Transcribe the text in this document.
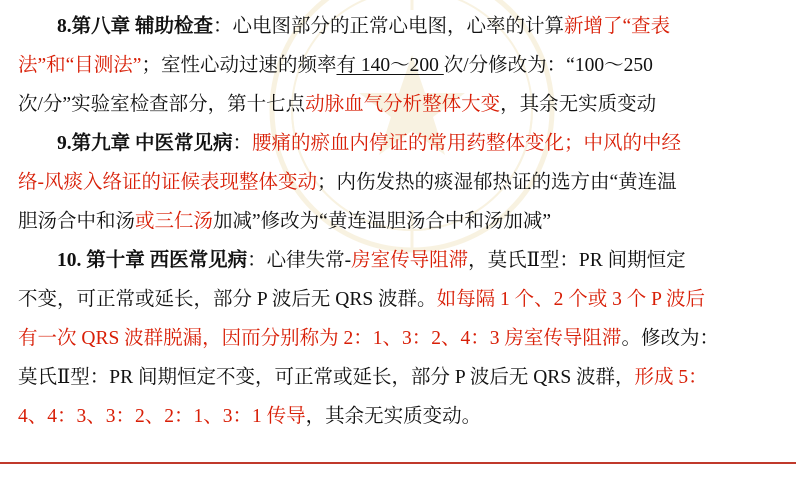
8.第八章 辅助检查：心电图部分的正常心电图，心率的计算新增了“查表

法”和“目测法”；室性心动过速的频率有 140～200 次/分修改为：“100～250

次/分”实验室检查部分，第十七点动脉血气分析整体大变，其余无实质变动

9.第九章 中医常见病：腰痛的瘀血内停证的常用药整体变化；中风的中经

络-风痰入络证的证候表现整体变动；内伤发热的痰湿郁热证的选方由“黄连温

胆汤合中和汤或三仁汤加减”修改为“黄连温胆汤合中和汤加减”

10. 第十章 西医常见病：心律失常-房室传导阻滞，莫氏Ⅱ型：PR 间期恒定

不变，可正常或延长，部分 P 波后无 QRS 波群。如每隔 1 个、2 个或 3 个 P 波后

有一次 QRS 波群脱漏，因而分别称为 2：1、3：2、4：3 房室传导阻滞。修改为：

莫氏Ⅱ型：PR 间期恒定不变，可正常或延长，部分 P 波后无 QRS 波群，形成 5：

4、4：3、3：2、2：1、3：1 传导，其余无实质变动。
